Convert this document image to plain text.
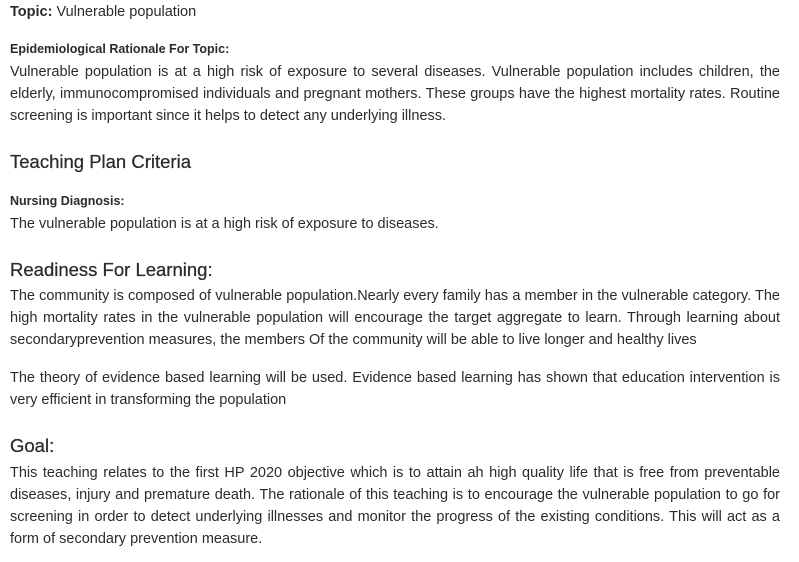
Topic: Vulnerable population

Epidemiological Rationale For Topic:

Vulnerable population is at a high risk of exposure to several diseases. Vulnerable population includes children, the elderly, immunocompromised individuals and pregnant mothers. These groups have the highest mortality rates. Routine screening is important since it helps to detect any underlying illness.

Teaching Plan Criteria
Nursing Diagnosis:

The vulnerable population is at a high risk of exposure to diseases.

Readiness For Learning:

The community is composed of vulnerable population.Nearly every family has a member in the vulnerable category. The high mortality rates in the vulnerable population will encourage the target aggregate to learn. Through learning about secondaryprevention measures, the members Of the community will be able to live longer and healthy lives

The theory of evidence based learning will be used. Evidence based learning has shown that education intervention is very efficient in transforming the population

Goal:

This teaching relates to the first HP 2020 objective which is to attain ah high quality life that is free from preventable diseases, injury and premature death. The rationale of this teaching is to encourage the vulnerable population to go for screening in order to detect underlying illnesses and monitor the progress of the existing conditions. This will act as a form of secondary prevention measure.
